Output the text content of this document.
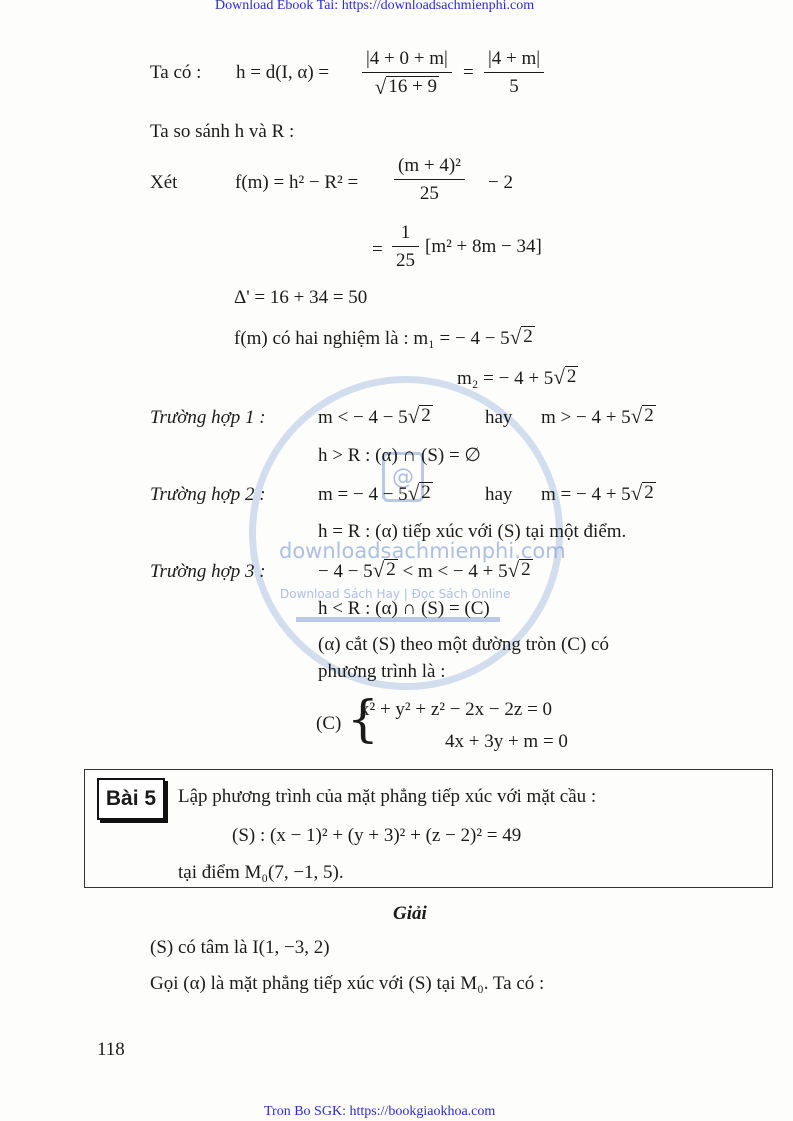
Download Ebook Tai: https://downloadsachmienphi.com
Tron Bo SGK: https://bookgiaokhoa.com
@
downloadsachmienphi.com
Download Sách Hay | Đọc Sách Online
Ta có : h = d(I, $\alpha) = \frac{|4 + 0 + m|}{√ 16 + 9} = \frac{|4 + m|}{5}$
Ta so sánh h và R :
Xét	$f(m) = h^2 - R^2 = \frac{\text{(m + 4)²}}{25} - 2$
= $\frac{1}{25} [m^2 + 8m - 34]$
Δ' = 16 + 34 = 50
f(m) có hai nghiệm là : m₁ = − 4 − 5 √ 2
m₂ = − 4 + 5 √ 2
Trường hợp 1 :	m < − 4 − 5 √ 2	hay m > − 4 + 5 √ 2
h > R : (α) ∩ (S) = ∅
Trường hợp 2 :	m = − 4 − 5 √ 2	hay m = − 4 + 5 √ 2
h = R : (α) tiếp xúc với (S) tại một điểm.
Trường hợp 3 :	− 4 − 5 √ 2 < m < − 4 + 5 √ 2
h < R : (α) ∩ (S) = (C)
(α) cắt (S) theo một đường tròn (C) có
phương trình là :
(C) {
x² + y² + z² − 2x − 2z = 0
4x + 3y + m = 0
Bài 5 Lập phương trình của mặt phẳng tiếp xúc với mặt cầu :
(S) : (x − 1)² + (y + 3)² + (z − 2)² = 49
tại điểm M₀(7, −1, 5).
Giải
(S) có tâm là I(1, −3, 2)
Gọi (α) là mặt phẳng tiếp xúc với (S) tại M₀. Ta có :
118
